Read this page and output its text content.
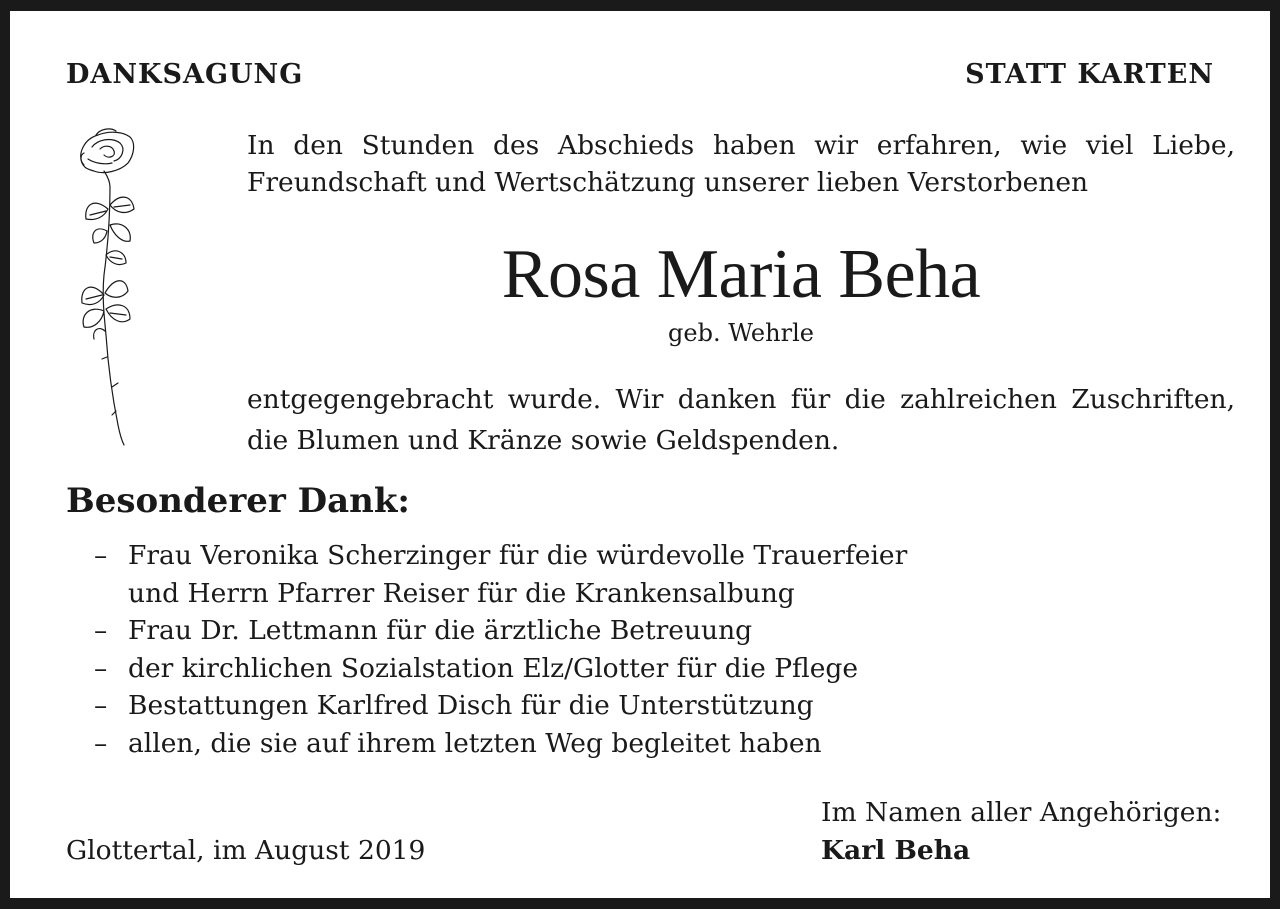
DANKSAGUNG	STATT KARTEN
In den Stunden des Abschieds haben wir erfahren, wie viel Liebe,
Freundschaft und Wertschätzung unserer lieben Verstorbenen
Rosa Maria Beha
geb. Wehrle
entgegengebracht wurde. Wir danken für die zahlreichen Zuschriften,
die Blumen und Kränze sowie Geldspenden.
Besonderer Dank:
– Frau Veronika Scherzinger für die würdevolle Trauerfeier
und Herrn Pfarrer Reiser für die Krankensalbung
– Frau Dr. Lettmann für die ärztliche Betreuung
– der kirchlichen Sozialstation Elz/Glotter für die Pflege
– Bestattungen Karlfred Disch für die Unterstützung
– allen, die sie auf ihrem letzten Weg begleitet haben
Im Namen aller Angehörigen:
Glottertal, im August 2019	Karl Beha
